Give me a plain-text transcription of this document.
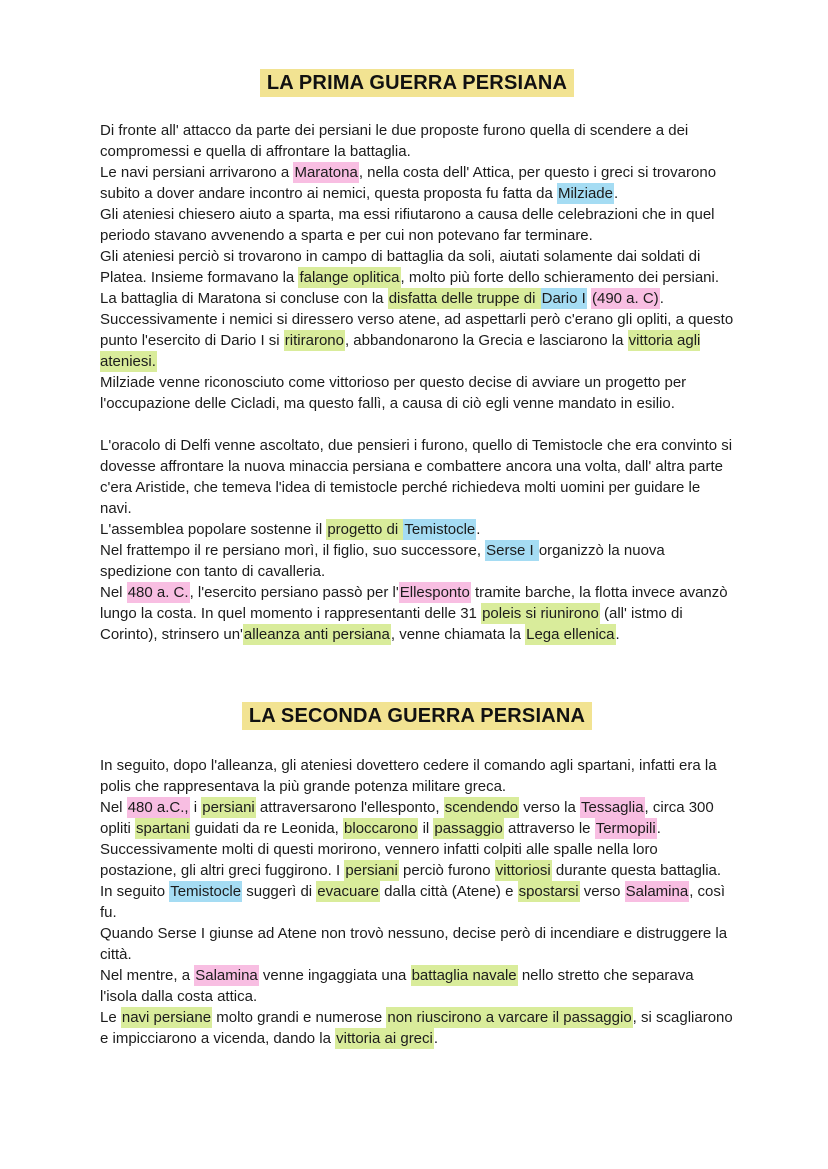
LA PRIMA GUERRA PERSIANA

Di fronte all' attacco da parte dei persiani le due proposte furono quella di scendere a dei compromessi e quella di affrontare la battaglia.

Le navi persiani arrivarono a Maratona, nella costa dell' Attica, per questo i greci si trovarono subito a dover andare incontro ai nemici, questa proposta fu fatta da Milziade.

Gli ateniesi chiesero aiuto a sparta, ma essi rifiutarono a causa delle celebrazioni che in quel periodo stavano avvenendo a sparta e per cui non potevano far terminare.

Gli ateniesi perciò si trovarono in campo di battaglia da soli, aiutati solamente dai soldati di Platea. Insieme formavano la falange oplitica, molto più forte dello schieramento dei persiani.

La battaglia di Maratona si concluse con la disfatta delle truppe di Dario I (490 a. C). Successivamente i nemici si diressero verso atene, ad aspettarli però c'erano gli opliti, a questo punto l'esercito di Dario I si ritirarono, abbandonarono la Grecia e lasciarono la vittoria agli ateniesi.

Milziade venne riconosciuto come vittorioso per questo decise di avviare un progetto per l'occupazione delle Cicladi, ma questo fallì, a causa di ciò egli venne mandato in esilio.

L'oracolo di Delfi venne ascoltato, due pensieri i furono, quello di Temistocle che era convinto si dovesse affrontare la nuova minaccia persiana e combattere ancora una volta, dall' altra parte c'era Aristide, che temeva l'idea di temistocle perché richiedeva molti uomini per guidare le navi.

L'assemblea popolare sostenne il progetto di Temistocle.

Nel frattempo il re persiano morì, il figlio, suo successore, Serse I organizzò la nuova spedizione con tanto di cavalleria.

Nel 480 a. C., l'esercito persiano passò per l'Ellesponto tramite barche, la flotta invece avanzò lungo la costa. In quel momento i rappresentanti delle 31 poleis si riunirono (all' istmo di Corinto), strinsero un'alleanza anti persiana, venne chiamata la Lega ellenica.

LA SECONDA GUERRA PERSIANA

In seguito, dopo l'alleanza, gli ateniesi dovettero cedere il comando agli spartani, infatti era la polis che rappresentava la più grande potenza militare greca.

Nel 480 a.C., i persiani attraversarono l'ellesponto, scendendo verso la Tessaglia, circa 300 opliti spartani guidati da re Leonida, bloccarono il passaggio attraverso le Termopili.

Successivamente molti di questi morirono, vennero infatti colpiti alle spalle nella loro postazione, gli altri greci fuggirono. I persiani perciò furono vittoriosi durante questa battaglia. In seguito Temistocle suggerì di evacuare dalla città (Atene) e spostarsi verso Salamina, così fu.

Quando Serse I giunse ad Atene non trovò nessuno, decise però di incendiare e distruggere la città.

Nel mentre, a Salamina venne ingaggiata una battaglia navale nello stretto che separava l'isola dalla costa attica.

Le navi persiane molto grandi e numerose non riuscirono a varcare il passaggio, si scagliarono e impicciarono a vicenda, dando la vittoria ai greci.
